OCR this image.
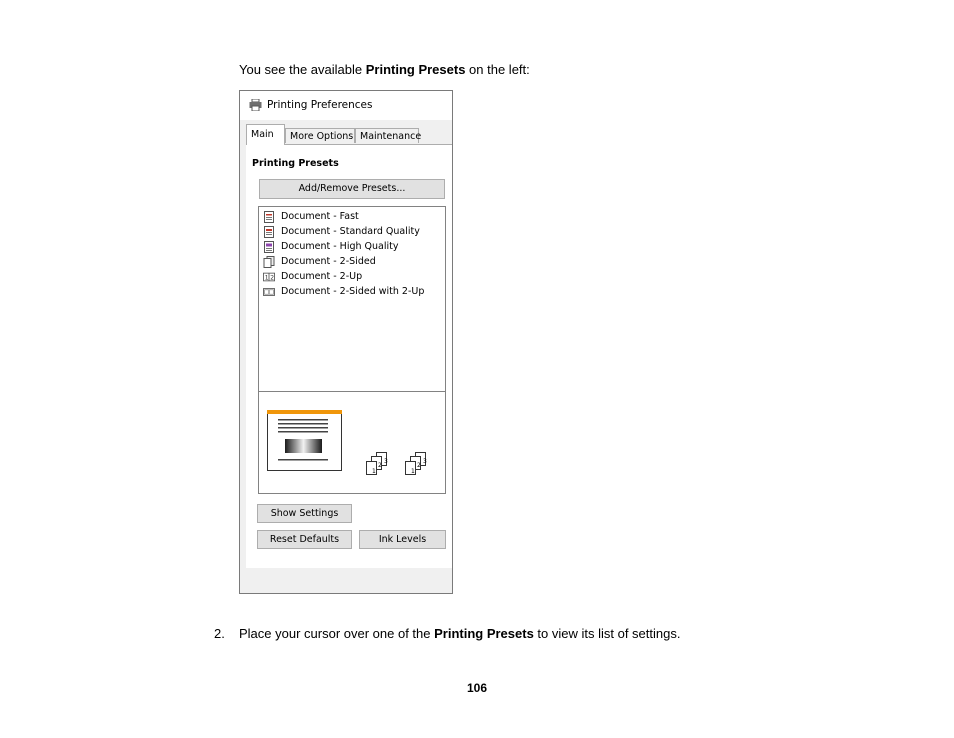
You see the available Printing Presets on the left:
Printing Preferences
Main	More Options Maintenance
Printing Presets
Add/Remove Presets...
Document - Fast
Document - Standard Quality
Document - High Quality
Document - 2-Sided
1 2 Document - 2-Up
Document - 2-Sided with 2-Up
3
2
1
3
2
1
Show Settings
Reset Defaults	Ink Levels
2. Place your cursor over one of the Printing Presets to view its list of settings.
106
